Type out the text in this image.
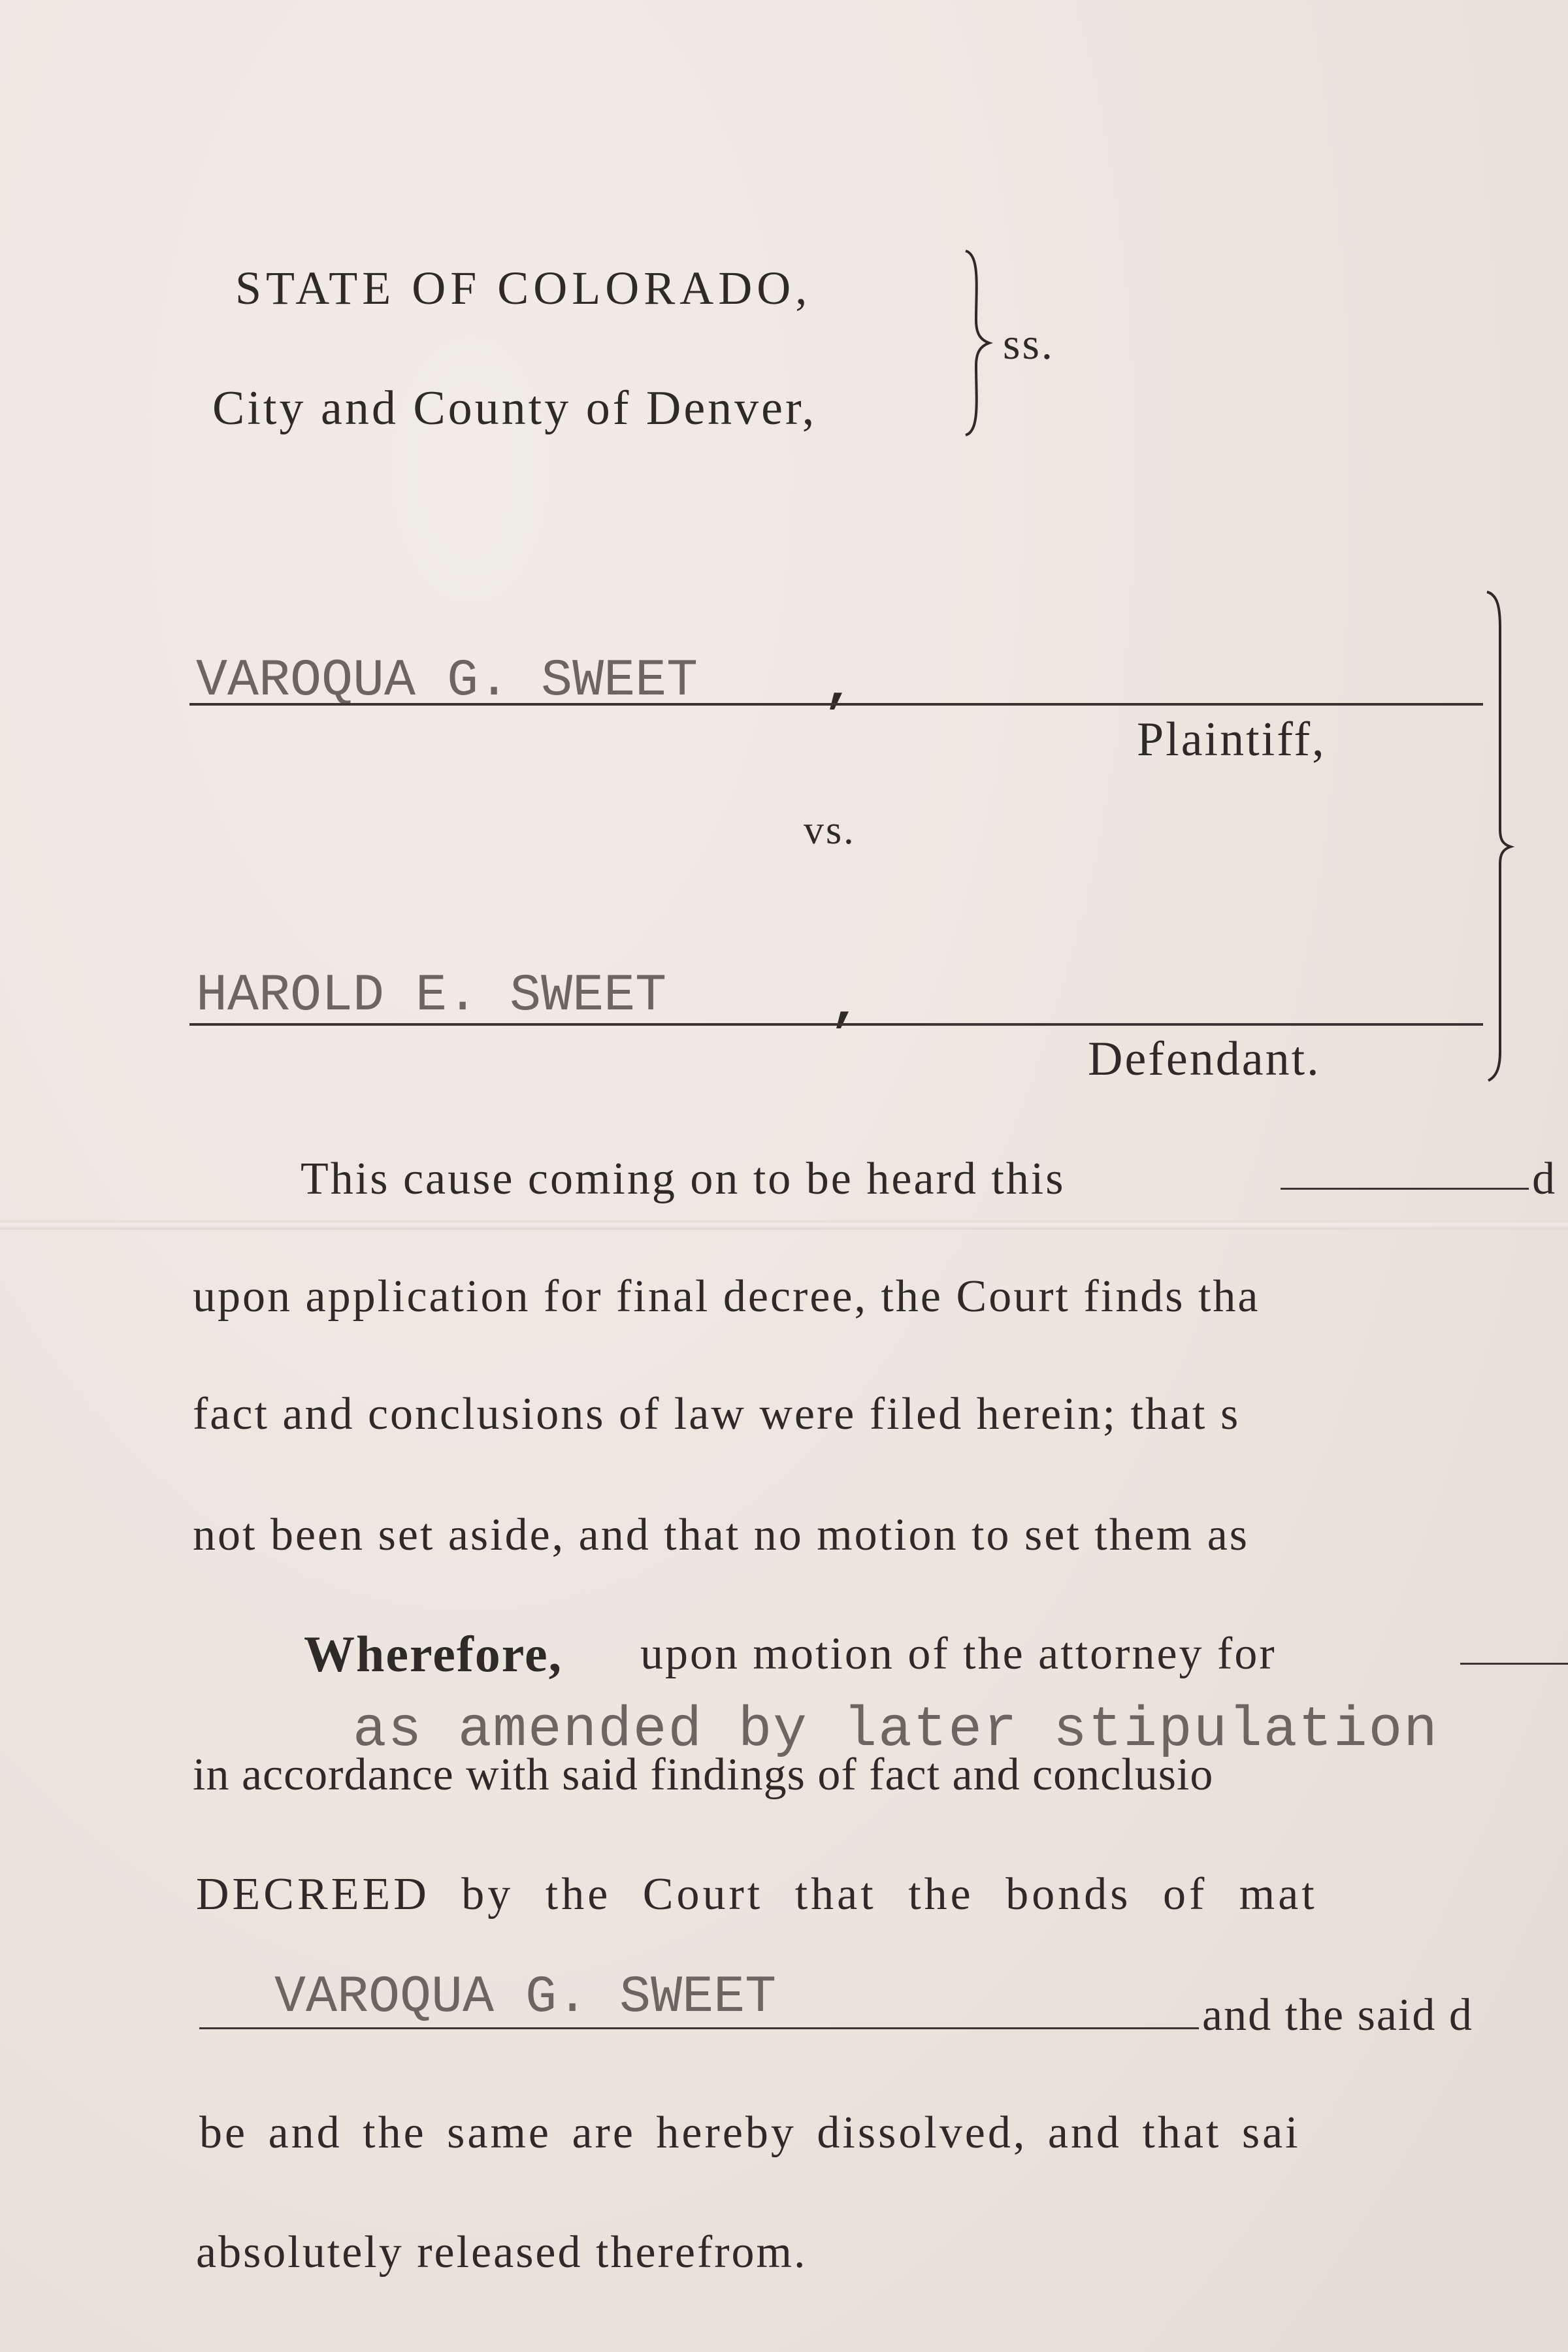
STATE OF COLORADO,
City and County of Denver,
ss.
VAROQUA G. SWEET ,
Plaintiff,
vs.
HAROLD E. SWEET	,
Defendant.
This cause coming on to be heard this	d
upon application for final decree, the Court finds tha
fact and conclusions of law were filed herein; that s
not been set aside, and that no motion to set them as
Wherefore, upon motion of the attorney for
as amended by later stipulation
in accordance with said findings of fact and conclusio
DECREED by the Court that the bonds of mat
VAROQUA G. SWEET	and the said d
be and the same are hereby dissolved, and that sai
absolutely released therefrom.
